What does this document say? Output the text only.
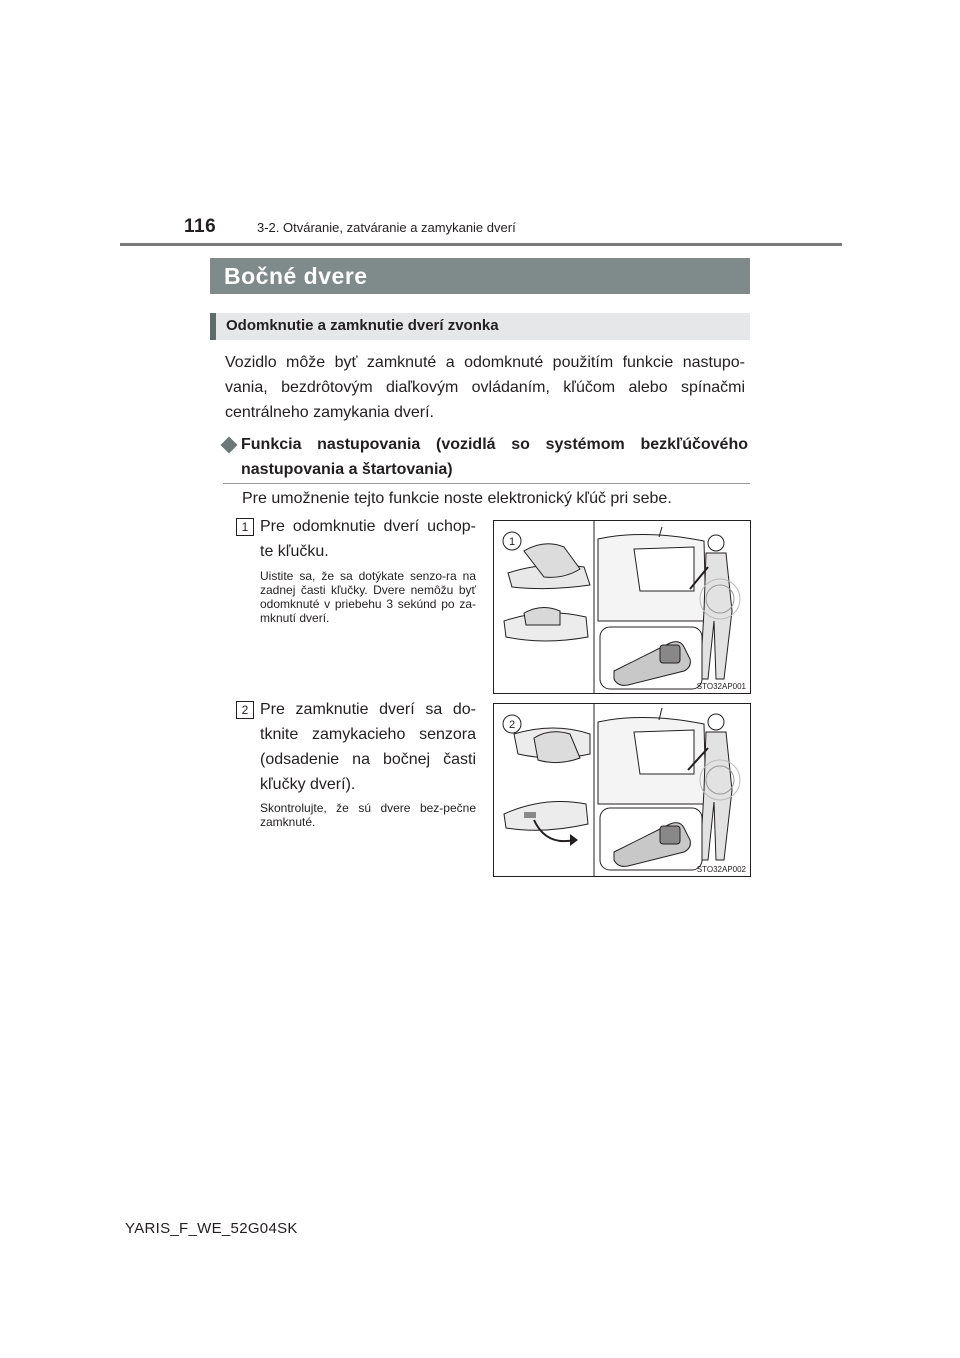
116	3-2. Otváranie, zatváranie a zamykanie dverí
Bočné dvere
Odomknutie a zamknutie dverí zvonka
Vozidlo môže byť zamknuté a odomknuté použitím funkcie nastupo-vania, bezdrôtovým diaľkovým ovládaním, kľúčom alebo spínačmi centrálneho zamykania dverí.
Funkcia nastupovania (vozidlá so systémom bezkľúčového nastupovania a štartovania)
Pre umožnenie tejto funkcie noste elektronický kľúč pri sebe.
1 Pre odomknutie dverí uchop-te kľučku.
Uistite sa, že sa dotýkate senzo-ra na zadnej časti kľučky. Dvere nemôžu byť odomknuté v priebehu 3 sekúnd po za-mknutí dverí.
1
STO32AP001
2 Pre zamknutie dverí sa do-tknite zamykacieho senzora (odsadenie na bočnej časti kľučky dverí).
Skontrolujte, že sú dvere bez-pečne zamknuté.
2
STO32AP002
YARIS_F_WE_52G04SK
